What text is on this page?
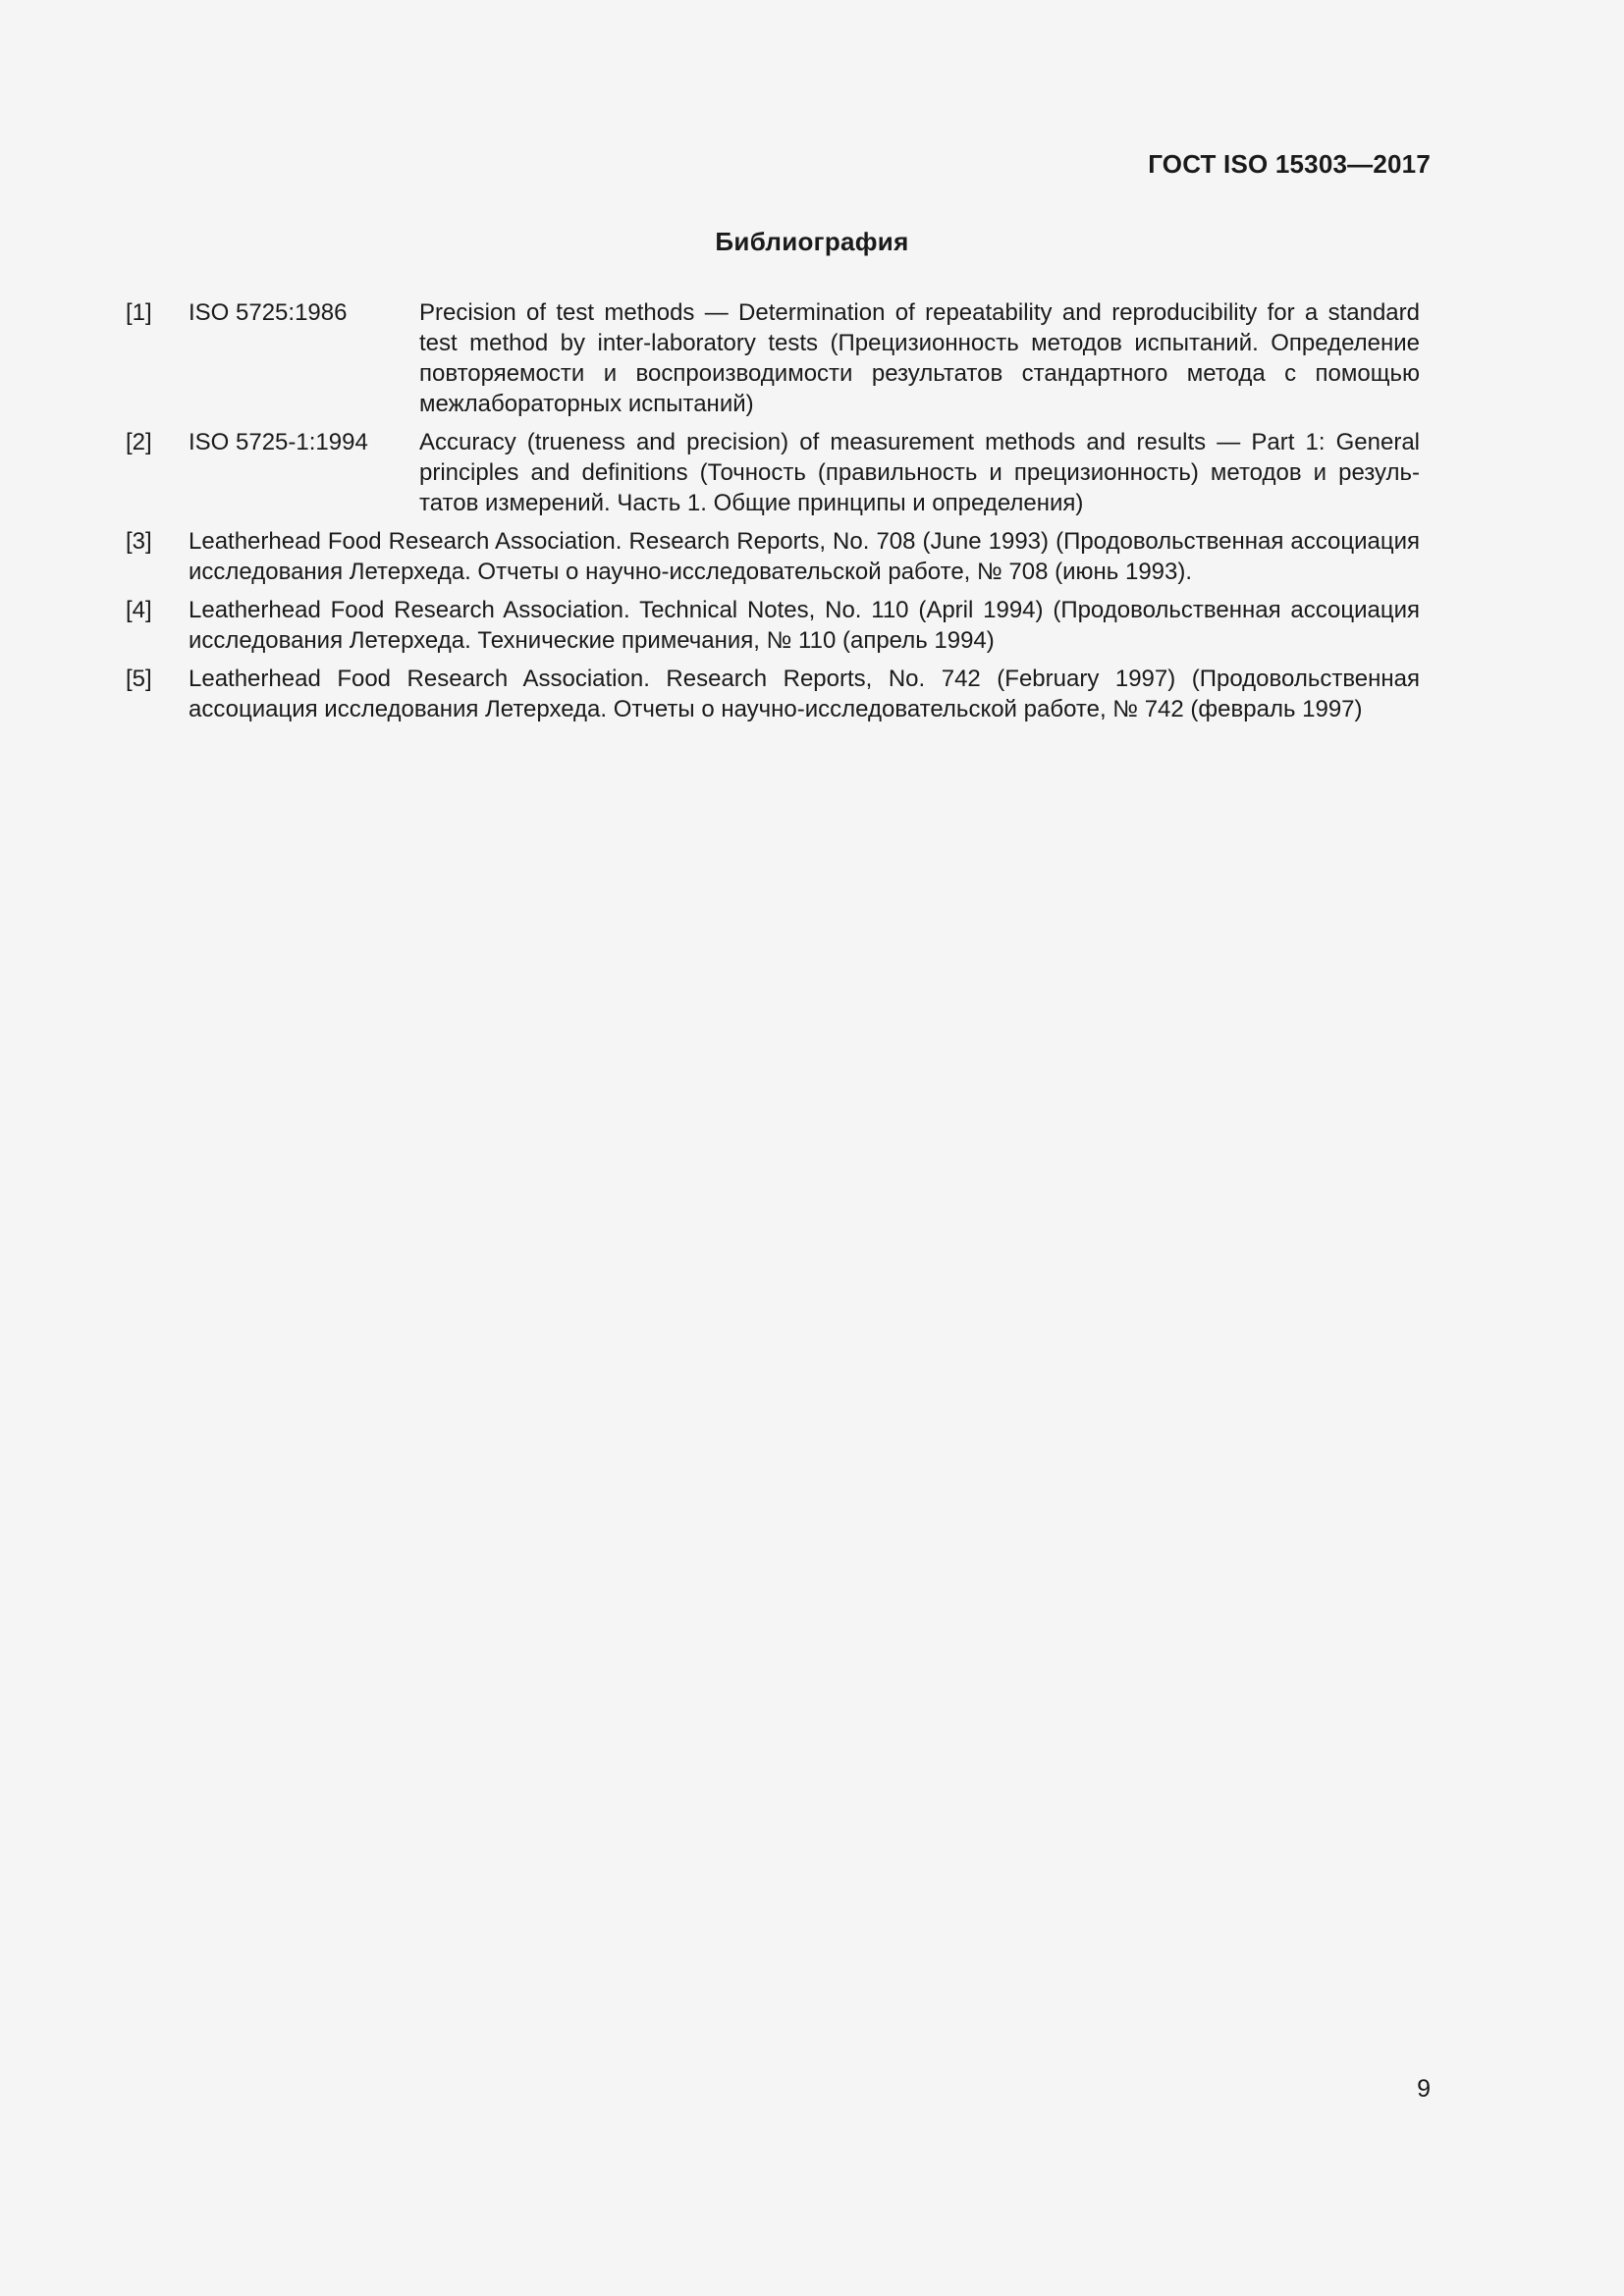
ГОСТ ISO 15303—2017
Библиография
[1]	ISO 5725:1986	Precision of test methods — Determination of repeatability and reproducibility for a standard test method by inter-laboratory tests (Прецизионность методов испытаний. Определение повторяемости и воспроизводимости результатов стандартного метода с помощью межлабораторных испытаний)
[2]	ISO 5725-1:1994	Accuracy (trueness and precision) of measurement methods and results — Part 1: General principles and definitions (Точность (правильность и прецизионность) методов и результатов измерений. Часть 1. Общие принципы и определения)
[3]	Leatherhead Food Research Association. Research Reports, No. 708 (June 1993) (Продовольственная ассоциация исследования Летерхеда. Отчеты о научно-исследовательской работе, № 708 (июнь 1993).
[4]	Leatherhead Food Research Association. Technical Notes, No. 110 (April 1994) (Продовольственная ассоциация исследования Летерхеда. Технические примечания, № 110 (апрель 1994)
[5]	Leatherhead Food Research Association. Research Reports, No. 742 (February 1997) (Продовольственная ассоциация исследования Летерхеда. Отчеты о научно-исследовательской работе, № 742 (февраль 1997)
9
